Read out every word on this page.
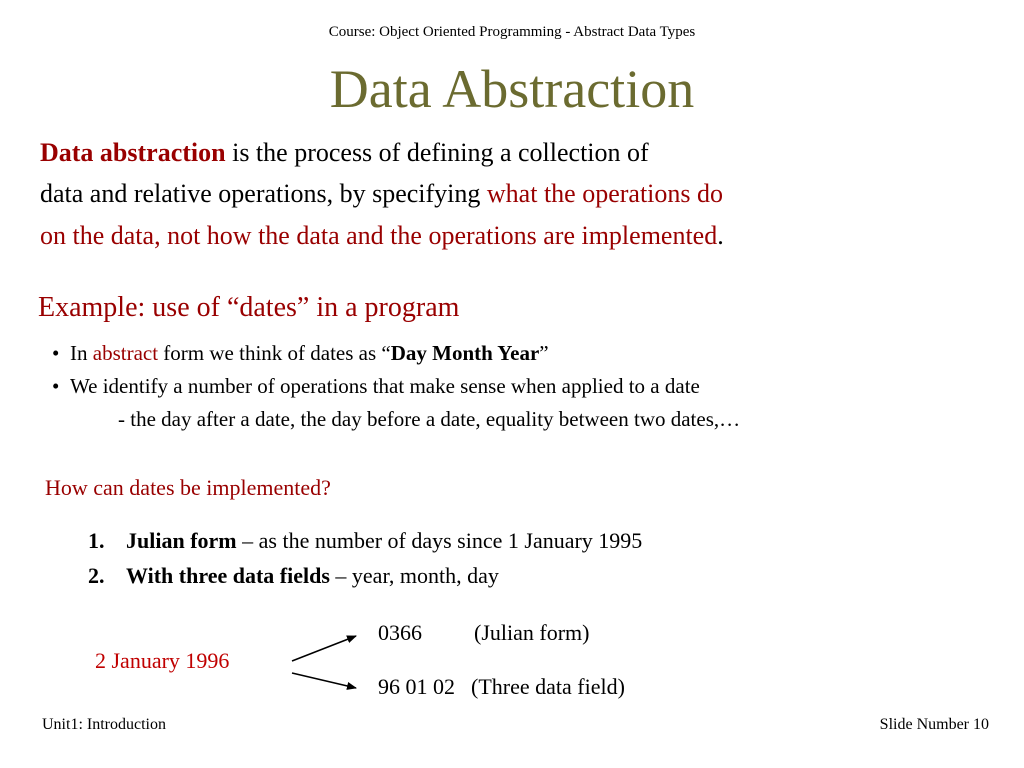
Course: Object Oriented Programming - Abstract Data Types
Data Abstraction
Data abstraction is the process of defining a collection of
data and relative operations, by specifying what the operations do
on the data, not how the data and the operations are implemented.
Example: use of “dates” in a program
• In abstract form we think of dates as “Day Month Year”
• We identify a number of operations that make sense when applied to a date
- the day after a date, the day before a date, equality between two dates,…
How can dates be implemented?
1. Julian form – as the number of days since 1 January 1995
2. With three data fields – year, month, day
2 January 1996
0366 (Julian form)
96 01 02 (Three data field)
Unit1: Introduction	Slide Number 10
